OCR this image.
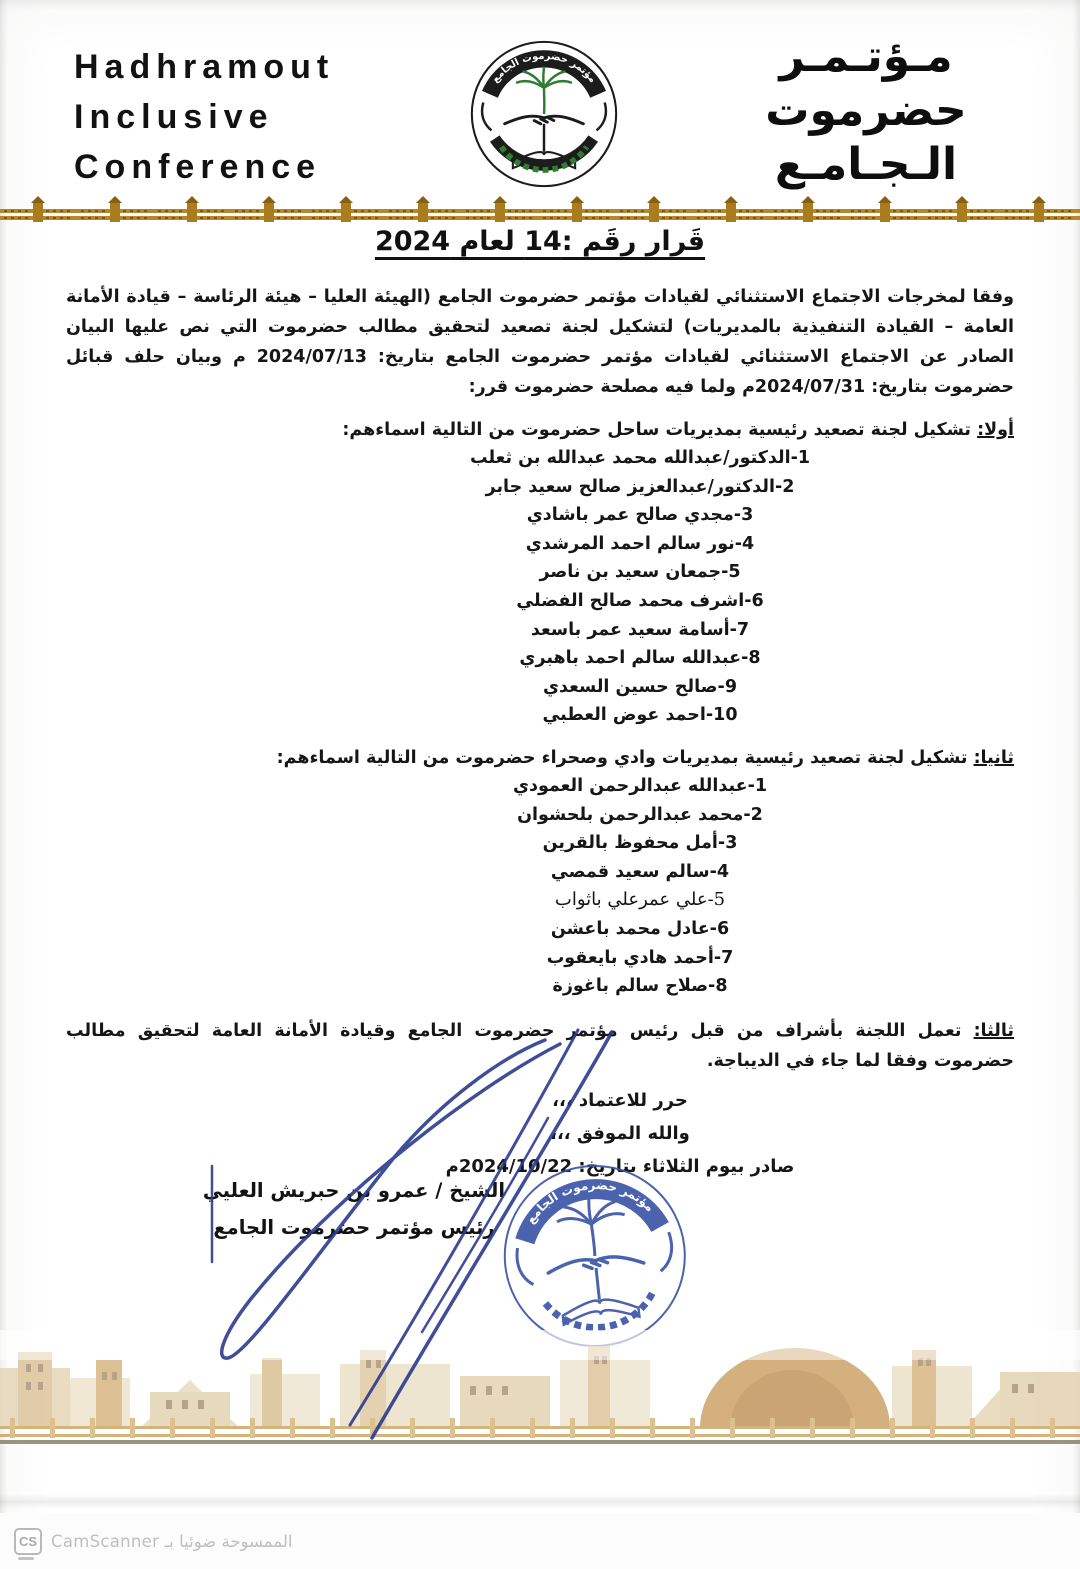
Hadhramout
Inclusive
Conference
مؤتمر حضرموت الجامع	مـؤتـمـر
حضرموت
الـجـامـع
قَرار رقَم :14 لعام 2024

وفقا لمخرجات الاجتماع الاستثنائي لقيادات مؤتمر حضرموت الجامع (الهيئة العليا – هيئة الرئاسة – قيادة الأمانة العامة – القيادة التنفيذية بالمديريات) لتشكيل لجنة تصعيد لتحقيق مطالب حضرموت التي نص عليها البيان الصادر عن الاجتماع الاستثنائي لقيادات مؤتمر حضرموت الجامع بتاريخ: 2024/07/13 م وبيان حلف قبائل حضرموت بتاريخ: 2024/07/31م ولما فيه مصلحة حضرموت قرر:

أولا: تشكيل لجنة تصعيد رئيسية بمديريات ساحل حضرموت من التالية اسماءهم:
1-الدكتور/عبدالله محمد عبدالله بن ثعلب
2-الدكتور/عبدالعزيز صالح سعيد جابر
3-مجدي صالح عمر باشادي
4-نور سالم احمد المرشدي
5-جمعان سعيد بن ناصر
6-اشرف محمد صالح الفضلي
7-أسامة سعيد عمر باسعد
8-عبدالله سالم احمد باهبري
9-صالح حسين السعدي
10-احمد عوض العطبي
ثانيا: تشكيل لجنة تصعيد رئيسية بمديريات وادي وصحراء حضرموت من التالية اسماءهم:
1-عبدالله عبدالرحمن العمودي
2-محمد عبدالرحمن بلحشوان
3-أمل محفوظ بالقرين
4-سالم سعيد قمصي
5-علي عمرعلي باثواب
6-عادل محمد باعشن
7-أحمد هادي بايعقوب
8-صلاح سالم باغوزة

ثالثا: تعمل اللجنة بأشراف من قبل رئيس مؤتمر حضرموت الجامع وقيادة الأمانة العامة لتحقيق مطالب حضرموت وفقا لما جاء في الديباجة.

حرر للاعتماد ،،،
والله الموفق ،،،
صادر بيوم الثلاثاء بتاريخ: 2024/10/22م
الشيخ / عمرو بن حبريش العليي
رئيس مؤتمر حضرموت الجامع	مؤتمر حضرموت الجامع
CS الممسوحة ضوئيا بـ CamScanner
